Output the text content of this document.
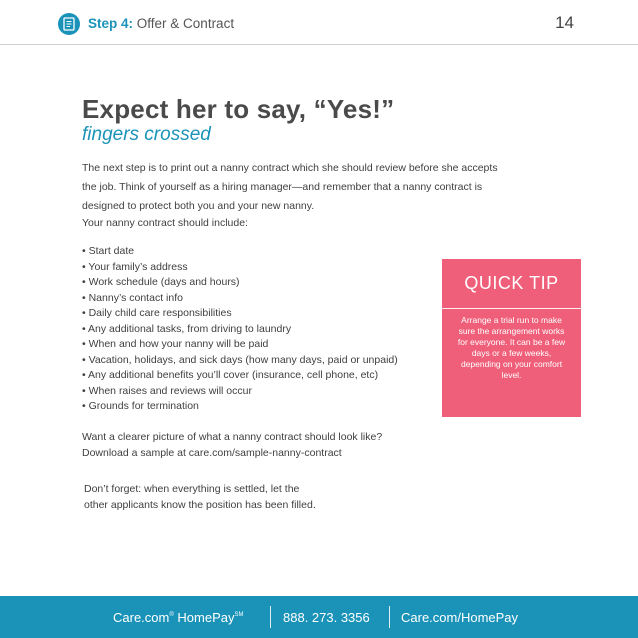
Step 4: Offer & Contract	14
Expect her to say, “Yes!”
fingers crossed

The next step is to print out a nanny contract which she should review before she accepts the job. Think of yourself as a hiring manager—and remember that a nanny contract is designed to protect both you and your new nanny.

Your nanny contract should include:

• Start date
• Your family’s address
• Work schedule (days and hours)
• Nanny’s contact info
• Daily child care responsibilities
• Any additional tasks, from driving to laundry
• When and how your nanny will be paid
• Vacation, holidays, and sick days (how many days, paid or unpaid)
• Any additional benefits you’ll cover (insurance, cell phone, etc)
• When raises and reviews will occur
• Grounds for termination

Want a clearer picture of what a nanny contract should look like?
Download a sample at care.com/sample-nanny-contract

Don’t forget: when everything is settled, let the
other applicants know the position has been filled.

QUICK TIP
Arrange a trial run to make sure the arrangement works for everyone. It can be a few days or a few weeks, depending on your comfort level.
Care.com® HomePay℠	888. 273. 3356 Care.com/HomePay
